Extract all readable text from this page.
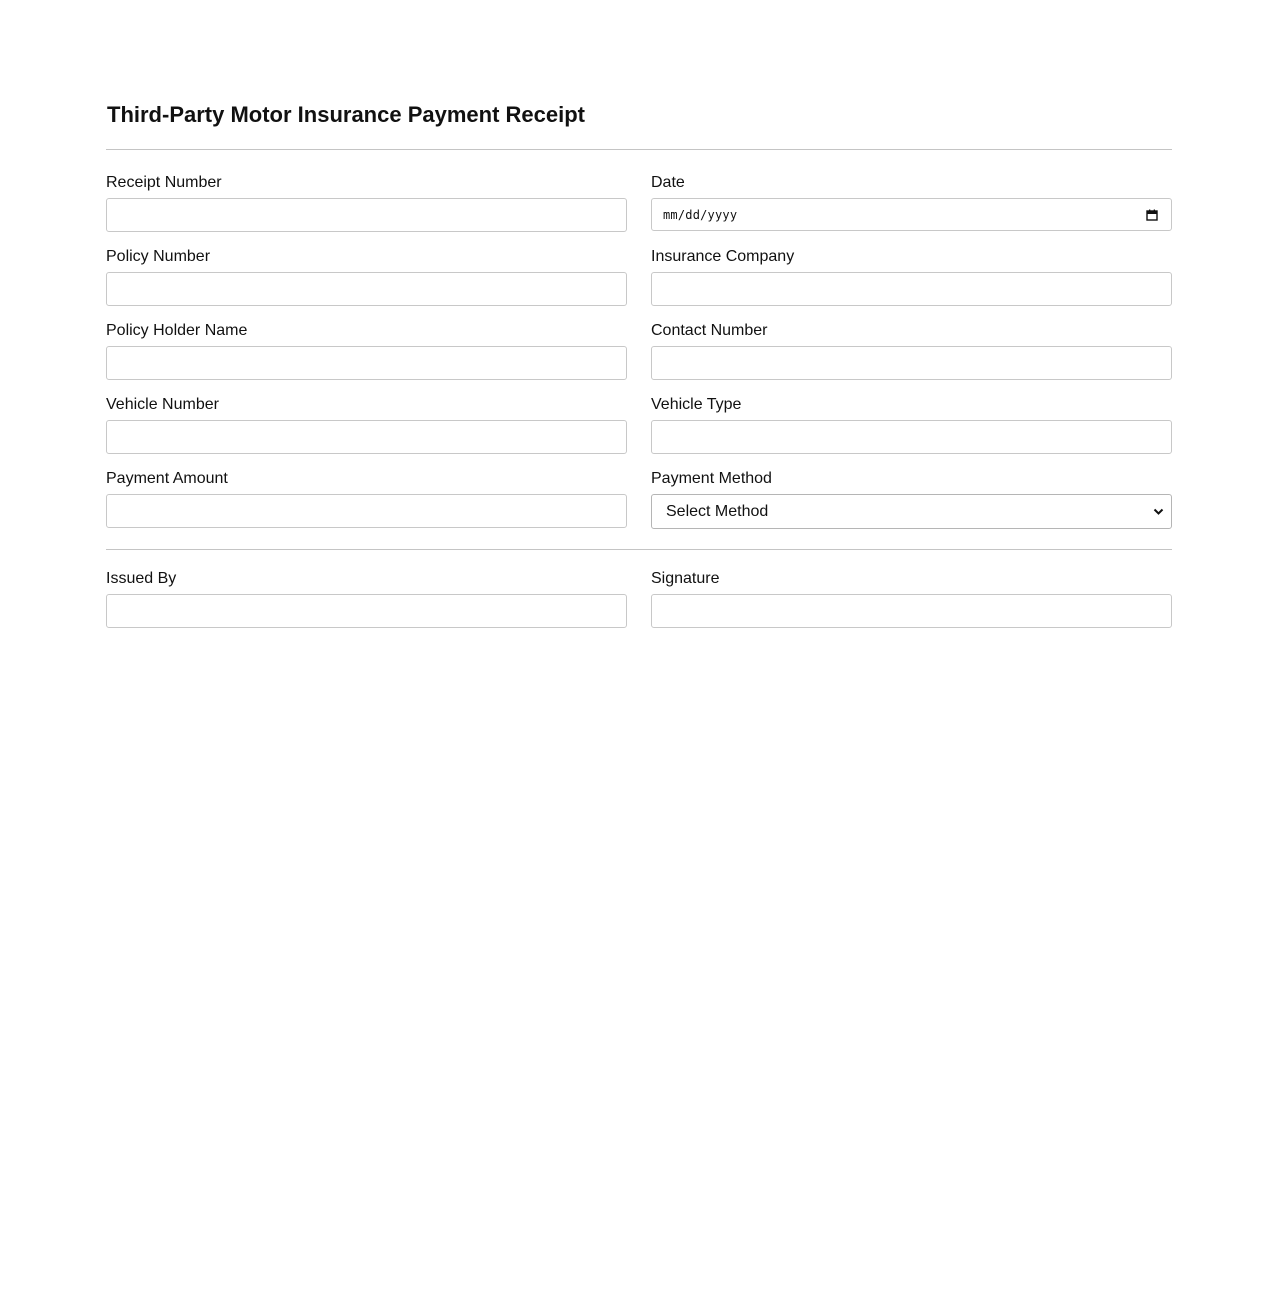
Third-Party Motor Insurance Payment Receipt
Receipt Number	Date
mm/dd/yyyy
Policy Number	Insurance Company
Policy Holder Name	Contact Number
Vehicle Number	Vehicle Type
Payment Amount	Payment Method
Select Method
Issued By	Signature
